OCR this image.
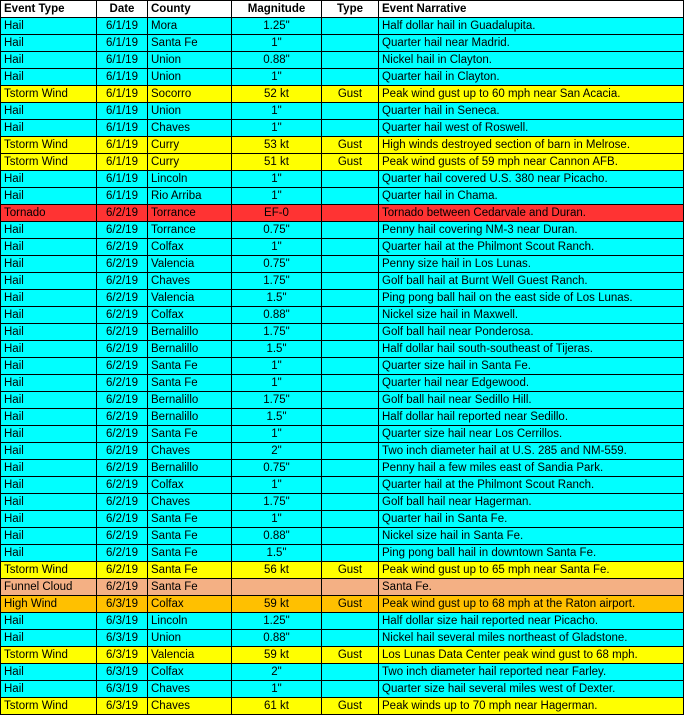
Event Type	Date	County	Magnitude	Type	Event Narrative
Hail	6/1/19	Mora	1.25"		Half dollar hail in Guadalupita.
Hail	6/1/19	Santa Fe	1"		Quarter hail near Madrid.
Hail	6/1/19	Union	0.88"		Nickel hail in Clayton.
Hail	6/1/19	Union	1"		Quarter hail in Clayton.
Tstorm Wind	6/1/19	Socorro	52 kt	Gust	Peak wind gust up to 60 mph near San Acacia.
Hail	6/1/19	Union	1"		Quarter hail in Seneca.
Hail	6/1/19	Chaves	1"		Quarter hail west of Roswell.
Tstorm Wind	6/1/19	Curry	53 kt	Gust	High winds destroyed section of barn in Melrose.
Tstorm Wind	6/1/19	Curry	51 kt	Gust	Peak wind gusts of 59 mph near Cannon AFB.
Hail	6/1/19	Lincoln	1"		Quarter hail covered U.S. 380 near Picacho.
Hail	6/1/19	Rio Arriba	1"		Quarter hail in Chama.
Tornado	6/2/19	Torrance	EF-0		Tornado between Cedarvale and Duran.
Hail	6/2/19	Torrance	0.75"		Penny hail covering NM-3 near Duran.
Hail	6/2/19	Colfax	1"		Quarter hail at the Philmont Scout Ranch.
Hail	6/2/19	Valencia	0.75"		Penny size hail in Los Lunas.
Hail	6/2/19	Chaves	1.75"		Golf ball hail at Burnt Well Guest Ranch.
Hail	6/2/19	Valencia	1.5"		Ping pong ball hail on the east side of Los Lunas.
Hail	6/2/19	Colfax	0.88"		Nickel size hail in Maxwell.
Hail	6/2/19	Bernalillo	1.75"		Golf ball hail near Ponderosa.
Hail	6/2/19	Bernalillo	1.5"		Half dollar hail south-southeast of Tijeras.
Hail	6/2/19	Santa Fe	1"		Quarter size hail in Santa Fe.
Hail	6/2/19	Santa Fe	1"		Quarter hail near Edgewood.
Hail	6/2/19	Bernalillo	1.75"		Golf ball hail near Sedillo Hill.
Hail	6/2/19	Bernalillo	1.5"		Half dollar hail reported near Sedillo.
Hail	6/2/19	Santa Fe	1"		Quarter size hail near Los Cerrillos.
Hail	6/2/19	Chaves	2"		Two inch diameter hail at U.S. 285 and NM-559.
Hail	6/2/19	Bernalillo	0.75"		Penny hail a few miles east of Sandia Park.
Hail	6/2/19	Colfax	1"		Quarter hail at the Philmont Scout Ranch.
Hail	6/2/19	Chaves	1.75"		Golf ball hail near Hagerman.
Hail	6/2/19	Santa Fe	1"		Quarter hail in Santa Fe.
Hail	6/2/19	Santa Fe	0.88"		Nickel size hail in Santa Fe.
Hail	6/2/19	Santa Fe	1.5"		Ping pong ball hail in downtown Santa Fe.
Tstorm Wind	6/2/19	Santa Fe	56 kt	Gust	Peak wind gust up to 65 mph near Santa Fe.
Funnel Cloud	6/2/19	Santa Fe			Santa Fe.
High Wind	6/3/19	Colfax	59 kt	Gust	Peak wind gust up to 68 mph at the Raton airport.
Hail	6/3/19	Lincoln	1.25"		Half dollar size hail reported near Picacho.
Hail	6/3/19	Union	0.88"		Nickel hail several miles northeast of Gladstone.
Tstorm Wind	6/3/19	Valencia	59 kt	Gust	Los Lunas Data Center peak wind gust to 68 mph.
Hail	6/3/19	Colfax	2"		Two inch diameter hail reported near Farley.
Hail	6/3/19	Chaves	1"		Quarter size hail several miles west of Dexter.
Tstorm Wind	6/3/19	Chaves	61 kt	Gust	Peak winds up to 70 mph near Hagerman.
